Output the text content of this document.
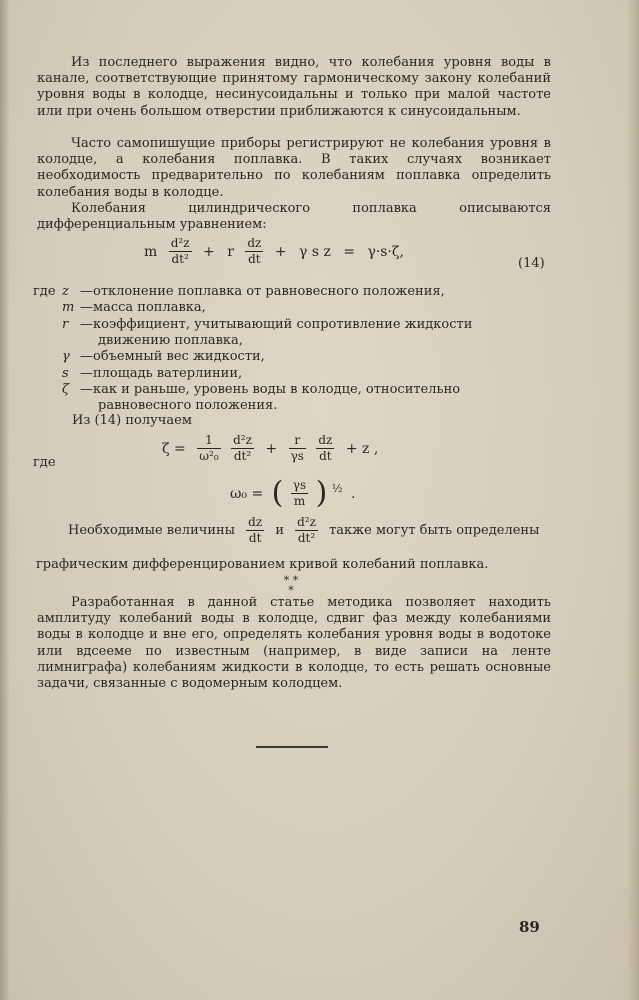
Из последнего выражения видно, что колебания уровня воды в канале, соответствующие принятому гармоническому закону колебаний уровня воды в колодце, несинусоидальны и только при малой частоте или при очень большом отверстии приближаются к синусоидальным.

Часто самопишущие приборы регистрируют не колебания уровня в колодце, а колебания поплавка. В таких случаях возникает необходимость предварительно по колебаниям поплавка определить колебания воды в колодце.

Колебания цилиндрического поплавка описываются дифференциальным уравнением:

m $\frac{\text{d²z}}{\text{dt²}} + r \frac{dz}{dt} + \gamma$ s z = γ·s·ζ,
(14)
где z —отклонение поплавка от равновесного положения,
m —масса поплавка,
r —коэффициент, учитывающий сопротивление жидкости
движению поплавка,
γ —объемный вес жидкости,
s —площадь ватерлинии,
ζ —как и раньше, уровень воды в колодце, относительно
равновесного положения.
Из (14) получаем
$\zeta = \frac{1}{\text{ω²₀}}$
$\frac{\text{d²z}}{\text{dt²}} + \frac{r}{\gamma s}$
$\frac{dz}{dt} + z$ ,
где
ω₀ = ( $\frac{\gamma s}{m}$ ) $^{\frac{1}{2}}$ .
Необходимые величины $\frac{dz}{dt}$ и $\frac{\text{d²z}}{\text{dt²}}$ также могут быть определены
графическим дифференцированием кривой колебаний поплавка.
* *
*

Разработанная в данной статье методика позволяет находить амплитуду колебаний воды в колодце, сдвиг фаз между колебаниями воды в колодце и вне его, определять колебания уровня воды в водотоке или вдсееме по известным (например, в виде записи на ленте лимниграфа) колебаниям жидкости в колодце, то есть решать основные задачи, связанные с водомерным колодцем.

89
